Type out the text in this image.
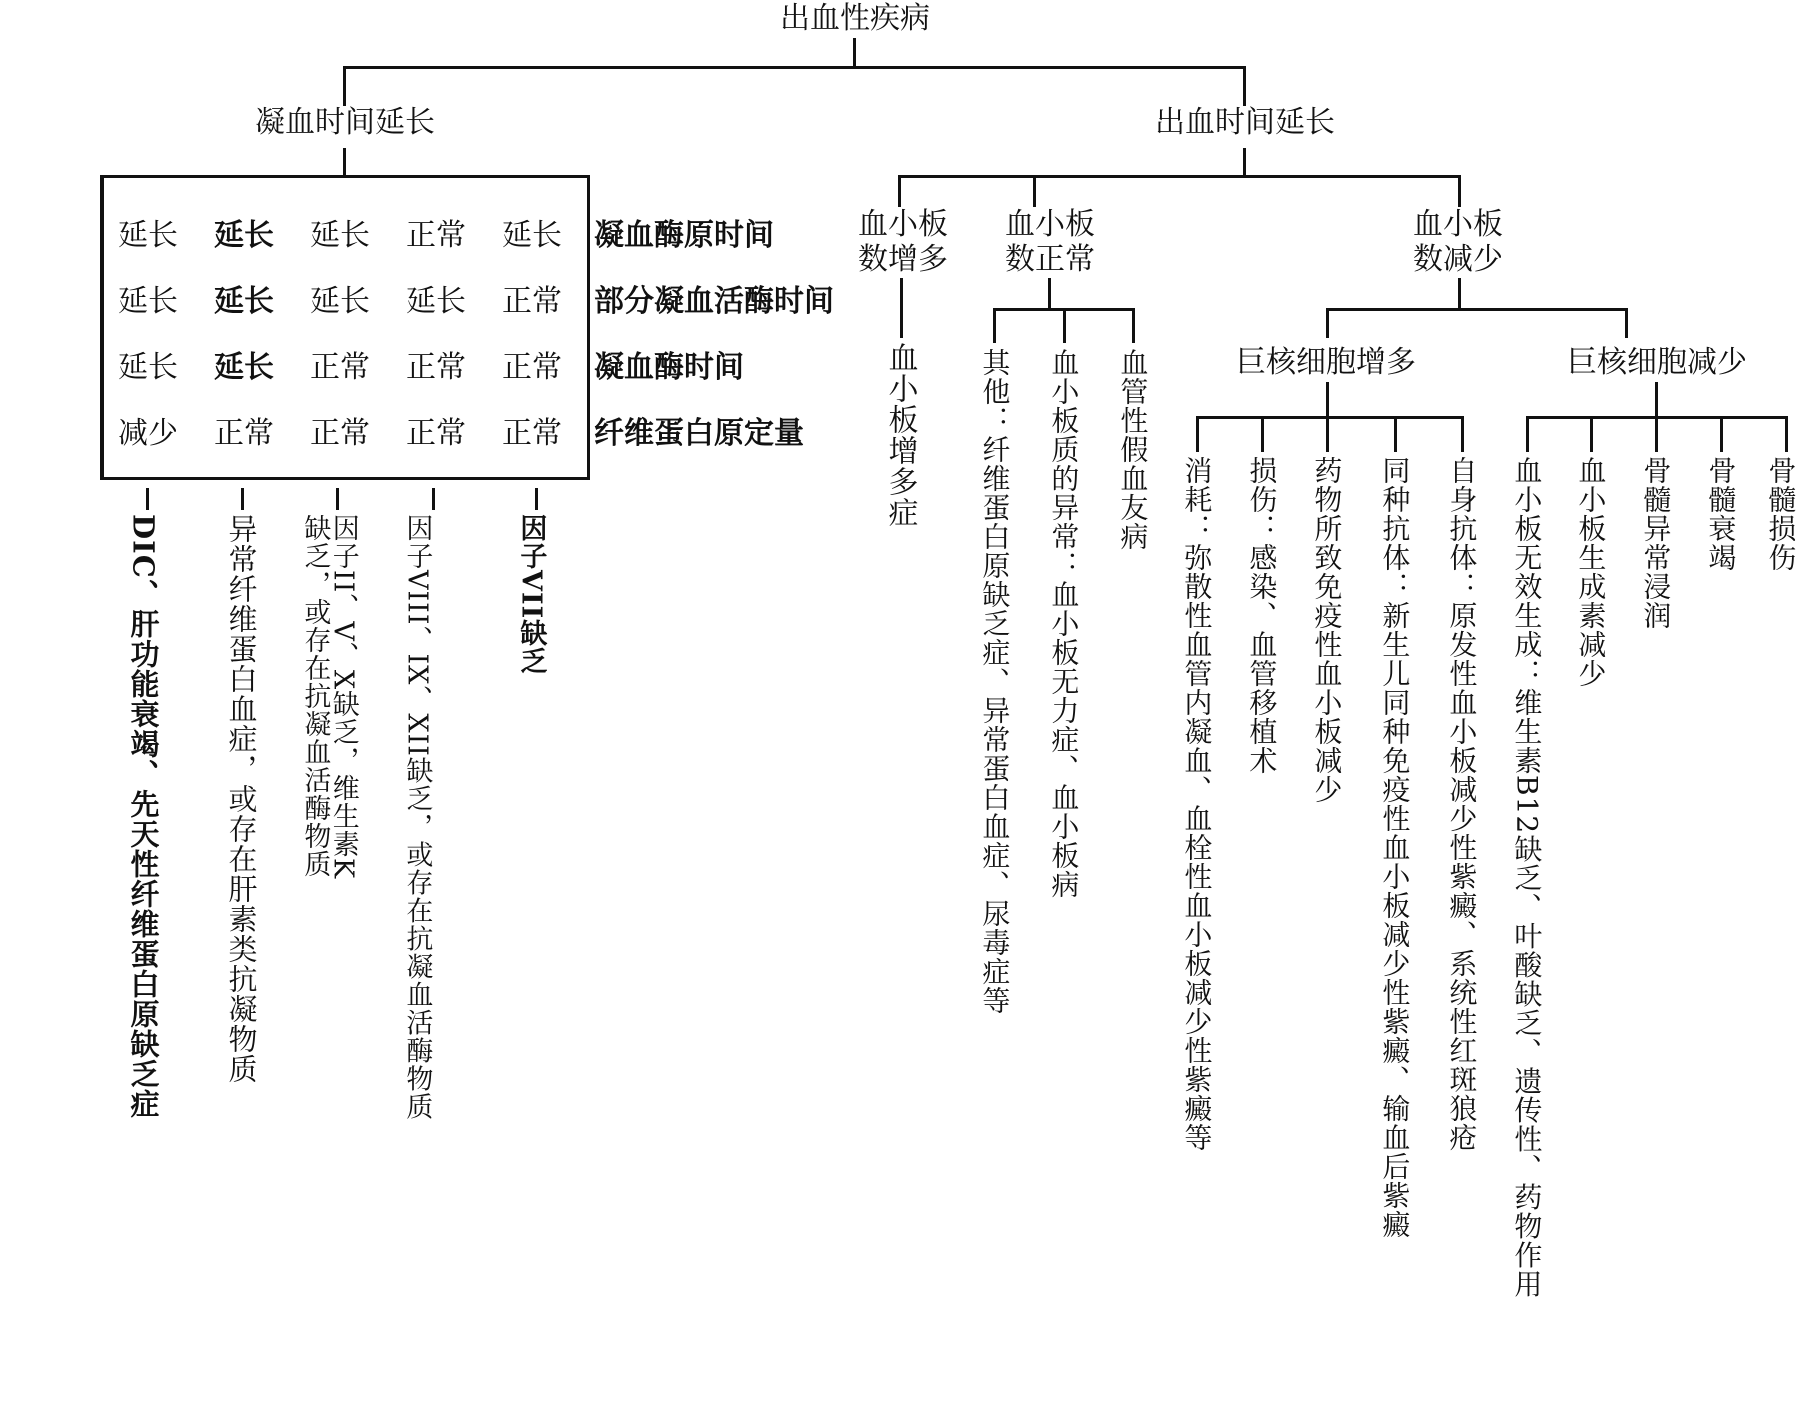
出血性疾病
凝血时间延长	出血时间延长
延长	延长	延长	正常	延长	凝血酶原时间
延长	延长	延长	延长	正常	部分凝血活酶时间
延长	延长	正常	正常	正常	凝血酶时间
减少	正常	正常	正常	正常	纤维蛋白原定量
DIC、肝功能衰竭、先天性纤维蛋白原缺乏症 异常纤维蛋白血症，或存在肝素类抗凝物质	因子II、V、X缺乏，维生素K缺乏，或存在抗凝血活酶物质	因子VIII、IX、XII缺乏，或存在抗凝血活酶物质	因子VII缺乏
血小板数增多
血小板数正常
血小板数减少
血小板增多症 其他：纤维蛋白原缺乏症、异常蛋白血症、尿毒症等 血小板质的异常：血小板无力症、血小板病 血管性假血友病	巨核细胞增多	巨核细胞减少
消耗：弥散性血管内凝血、血栓性血小板减少性紫癜等 损伤：感染、血管移植术 药物所致免疫性血小板减少 同种抗体：新生儿同种免疫性血小板减少性紫癜、输血后紫癜 自身抗体：原发性血小板减少性紫癜、系统性红斑狼疮 血小板无效生成：维生素B12缺乏、叶酸缺乏、遗传性、药物作用 血小板生成素减少 骨髓异常浸润 骨髓衰竭 骨髓损伤
